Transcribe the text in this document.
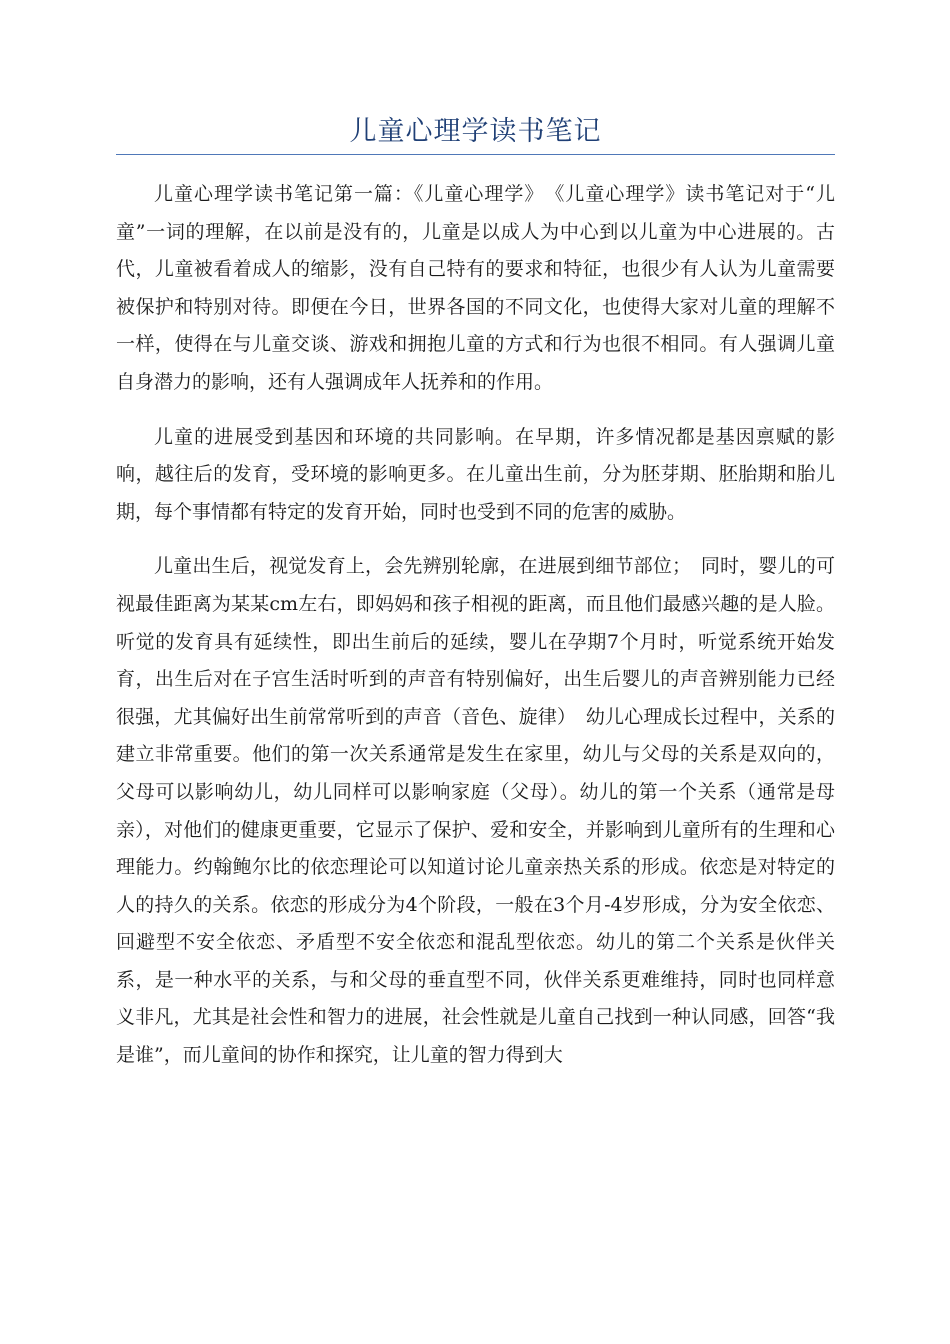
儿童心理学读书笔记

儿童心理学读书笔记第一篇：《儿童心理学》　《儿童心理学》读书笔记对于“儿童”一词的理解，在以前是没有的，儿童是以成人为中心到以儿童为中心进展的。古代，儿童被看着成人的缩影，没有自己特有的要求和特征，也很少有人认为儿童需要被保护和特别对待。即便在今日，世界各国的不同文化，也使得大家对儿童的理解不一样，使得在与儿童交谈、游戏和拥抱儿童的方式和行为也很不相同。有人强调儿童自身潜力的影响，还有人强调成年人抚养和的作用。

儿童的进展受到基因和环境的共同影响。在早期，许多情况都是基因禀赋的影响，越往后的发育，受环境的影响更多。在儿童出生前，分为胚芽期、胚胎期和胎儿期，每个事情都有特定的发育开始，同时也受到不同的危害的威胁。

儿童出生后，视觉发育上，会先辨别轮廓，在进展到细节部位；　同时，婴儿的可视最佳距离为某某cm左右，即妈妈和孩子相视的距离，而且他们最感兴趣的是人脸。听觉的发育具有延续性，即出生前后的延续，婴儿在孕期7个月时，听觉系统开始发育，出生后对在子宫生活时听到的声音有特别偏好，出生后婴儿的声音辨别能力已经很强，尤其偏好出生前常常听到的声音（音色、旋律）　幼儿心理成长过程中，关系的建立非常重要。他们的第一次关系通常是发生在家里，幼儿与父母的关系是双向的，父母可以影响幼儿，幼儿同样可以影响家庭（父母）。幼儿的第一个关系（通常是母亲），对他们的健康更重要，它显示了保护、爱和安全，并影响到儿童所有的生理和心理能力。约翰鲍尔比的依恋理论可以知道讨论儿童亲热关系的形成。依恋是对特定的人的持久的关系。依恋的形成分为4个阶段，一般在3个月-4岁形成，分为安全依恋、回避型不安全依恋、矛盾型不安全依恋和混乱型依恋。幼儿的第二个关系是伙伴关系，是一种水平的关系，与和父母的垂直型不同，伙伴关系更难维持，同时也同样意义非凡，尤其是社会性和智力的进展，社会性就是儿童自己找到一种认同感，回答“我是谁”，而儿童间的协作和探究，让儿童的智力得到大
